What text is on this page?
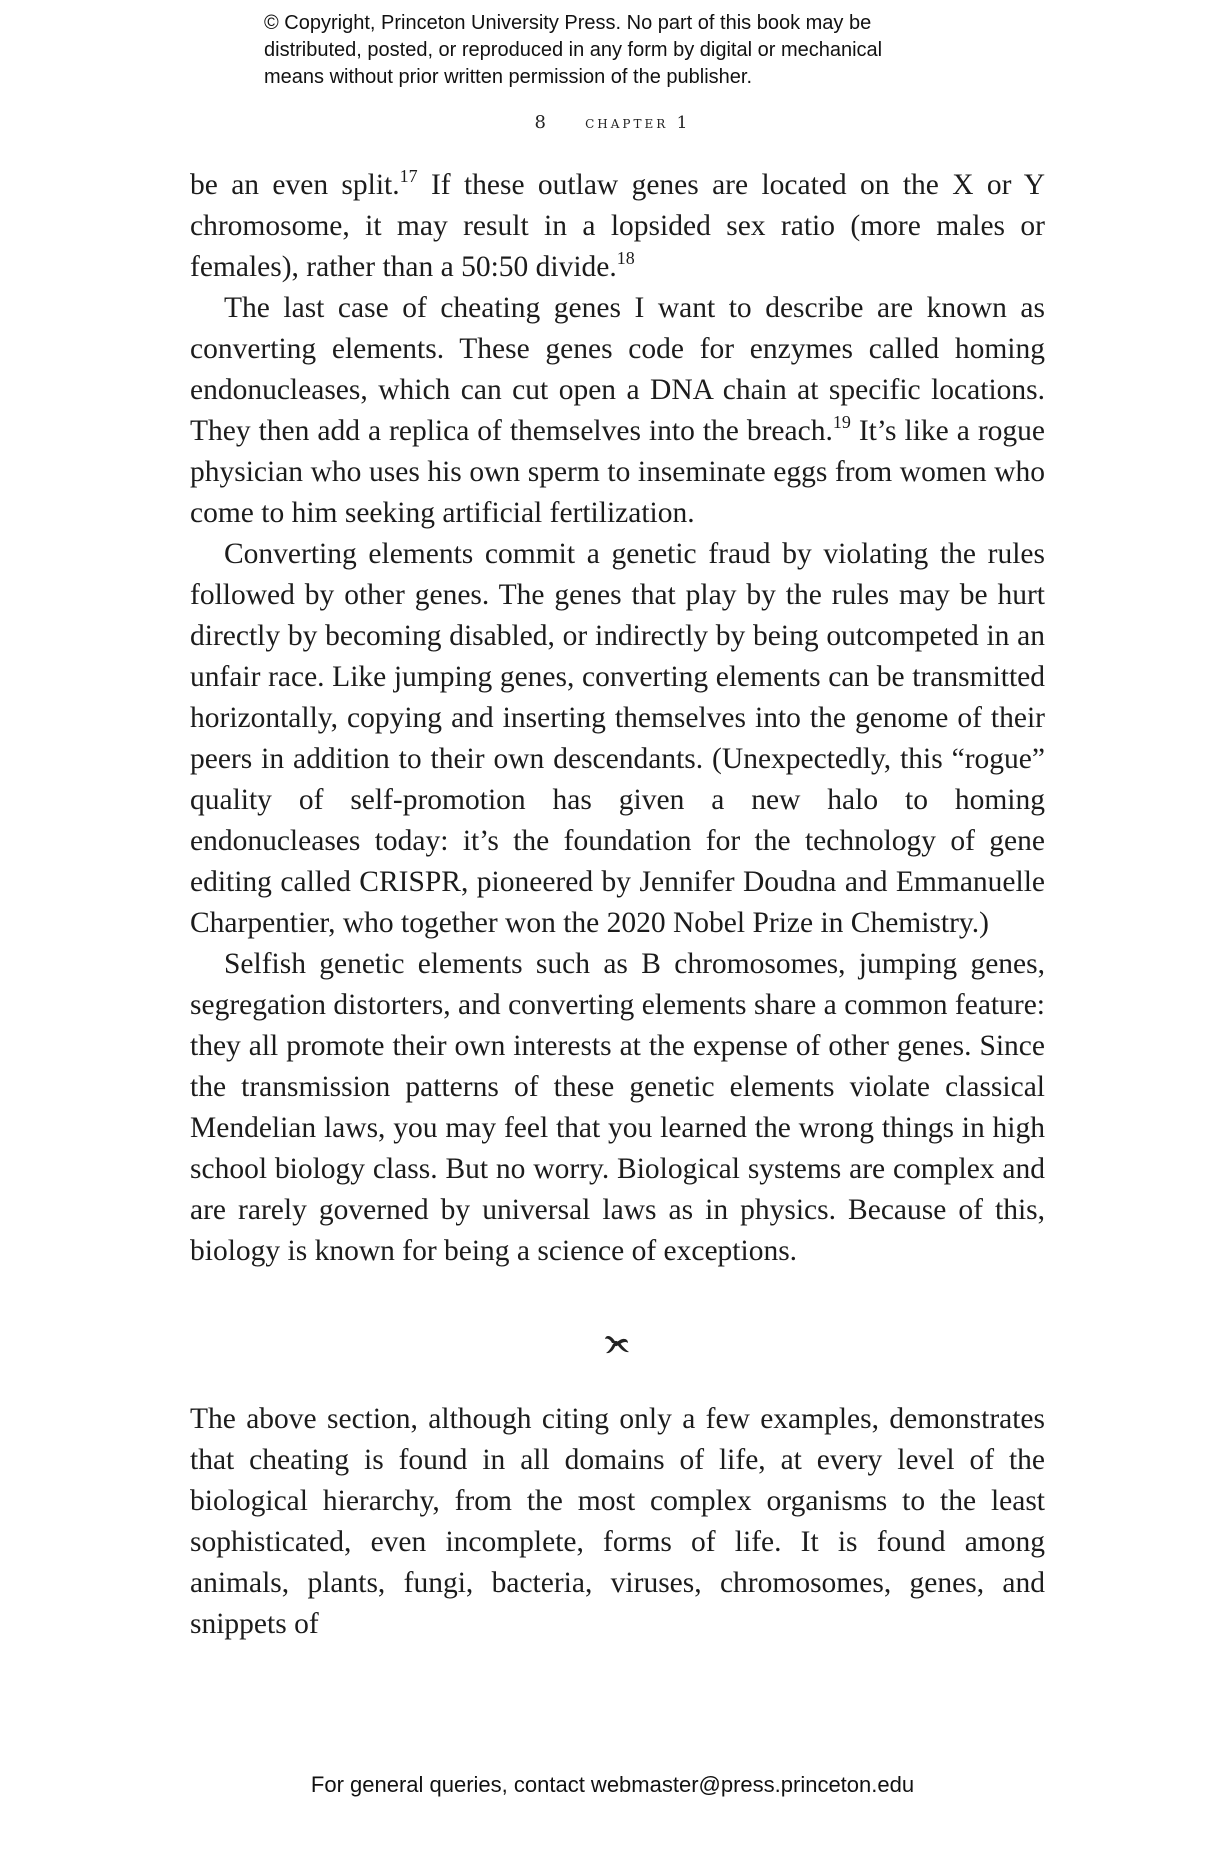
© Copyright, Princeton University Press. No part of this book may be
distributed, posted, or reproduced in any form by digital or mechanical
means without prior written permission of the publisher.
8 chapter 1

be an even split.$^{17}$ If these outlaw genes are located on the X or Y chromosome, it may result in a lopsided sex ratio (more males or females), rather than a 50:50 divide.$^{18}$

The last case of cheating genes I want to describe are known as converting elements. These genes code for enzymes called homing endonucleases, which can cut open a DNA chain at specific locations. They then add a replica of themselves into the breach.$^{19}$ It’s like a rogue physician who uses his own sperm to inseminate eggs from women who come to him seeking artificial fertilization.

Converting elements commit a genetic fraud by violating the rules followed by other genes. The genes that play by the rules may be hurt directly by becoming disabled, or indirectly by being outcompeted in an unfair race. Like jumping genes, converting elements can be transmitted horizontally, copying and inserting themselves into the genome of their peers in addition to their own descendants. (Unexpectedly, this “rogue” quality of self-promotion has given a new halo to homing endonucleases today: it’s the foundation for the technology of gene editing called CRISPR, pioneered by Jennifer Doudna and Emmanuelle Charpentier, who together won the 2020 Nobel Prize in Chemistry.)

Selfish genetic elements such as B chromosomes, jumping genes, segregation distorters, and converting elements share a common feature: they all promote their own interests at the expense of other genes. Since the transmission patterns of these genetic elements violate classical Mendelian laws, you may feel that you learned the wrong things in high school biology class. But no worry. Biological systems are complex and are rarely governed by universal laws as in physics. Because of this, biology is known for being a science of exceptions.

The above section, although citing only a few examples, demonstrates that cheating is found in all domains of life, at every level of the biological hierarchy, from the most complex organisms to the least sophisticated, even incomplete, forms of life. It is found among animals, plants, fungi, bacteria, viruses, chromosomes, genes, and snippets of

For general queries, contact webmaster@press.princeton.edu
